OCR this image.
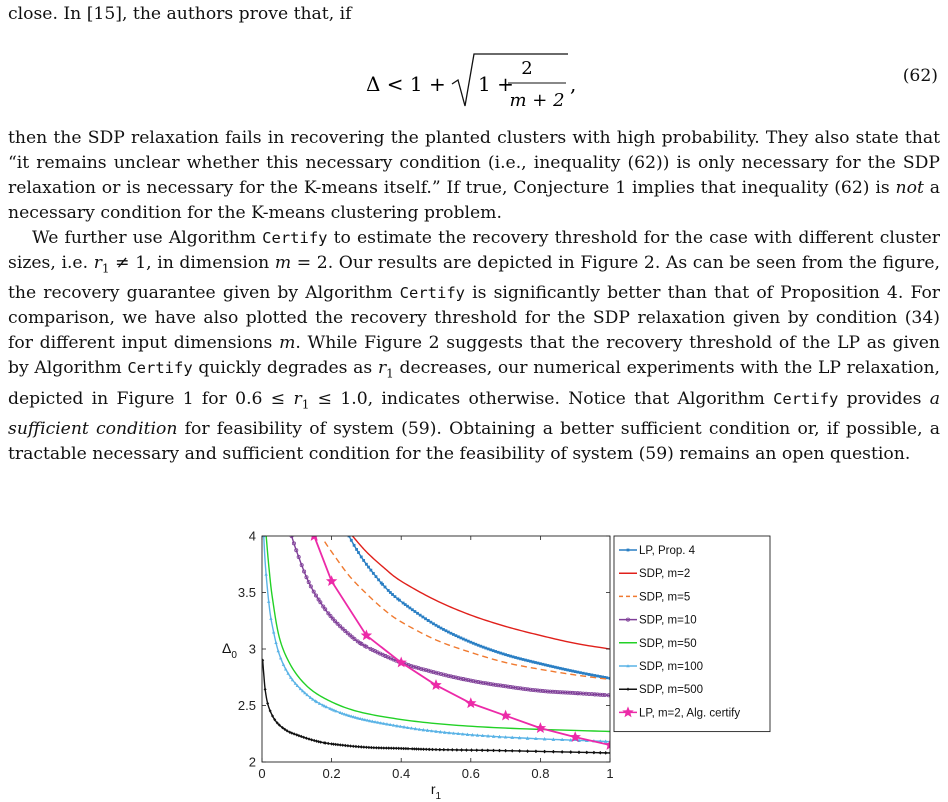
close. In [15], the authors prove that, if

Δ < 1 + 1 +
2
m + 2
,	(62)

then the SDP relaxation fails in recovering the planted clusters with high probability. They also state that “it remains unclear whether this necessary condition (i.e., inequality (62)) is only necessary for the SDP relaxation or is necessary for the K-means itself.” If true, Conjecture 1 implies that inequality (62) is not a necessary condition for the K-means clustering problem.

We further use Algorithm Certify to estimate the recovery threshold for the case with different cluster sizes, i.e. $r_1 \ne 1$, in dimension m = 2. Our results are depicted in Figure 2. As can be seen from the figure, the recovery guarantee given by Algorithm Certify is significantly better than that of Proposition 4. For comparison, we have also plotted the recovery threshold for the SDP relaxation given by condition (34) for different input dimensions m. While Figure 2 suggests that the recovery threshold of the LP as given by Algorithm Certify quickly degrades as $r_1$ decreases, our numerical experiments with the LP relaxation, depicted in Figure 1 for $0.6 \le r_1 \le 1.0$, indicates otherwise. Notice that Algorithm Certify provides a sufficient condition for feasibility of system (59). Obtaining a better sufficient condition or, if possible, a tractable necessary and sufficient condition for the feasibility of system (59) remains an open question.

0	0.2	0.4	0.6	0.8	1
2
2.5
3
3.5
4
$r_1$
$\Delta_0$
LP, Prop. 4
SDP, m=2
SDP, m=5
SDP, m=10
SDP, m=50
SDP, m=100
SDP, m=500
LP, m=2, Alg. certify
